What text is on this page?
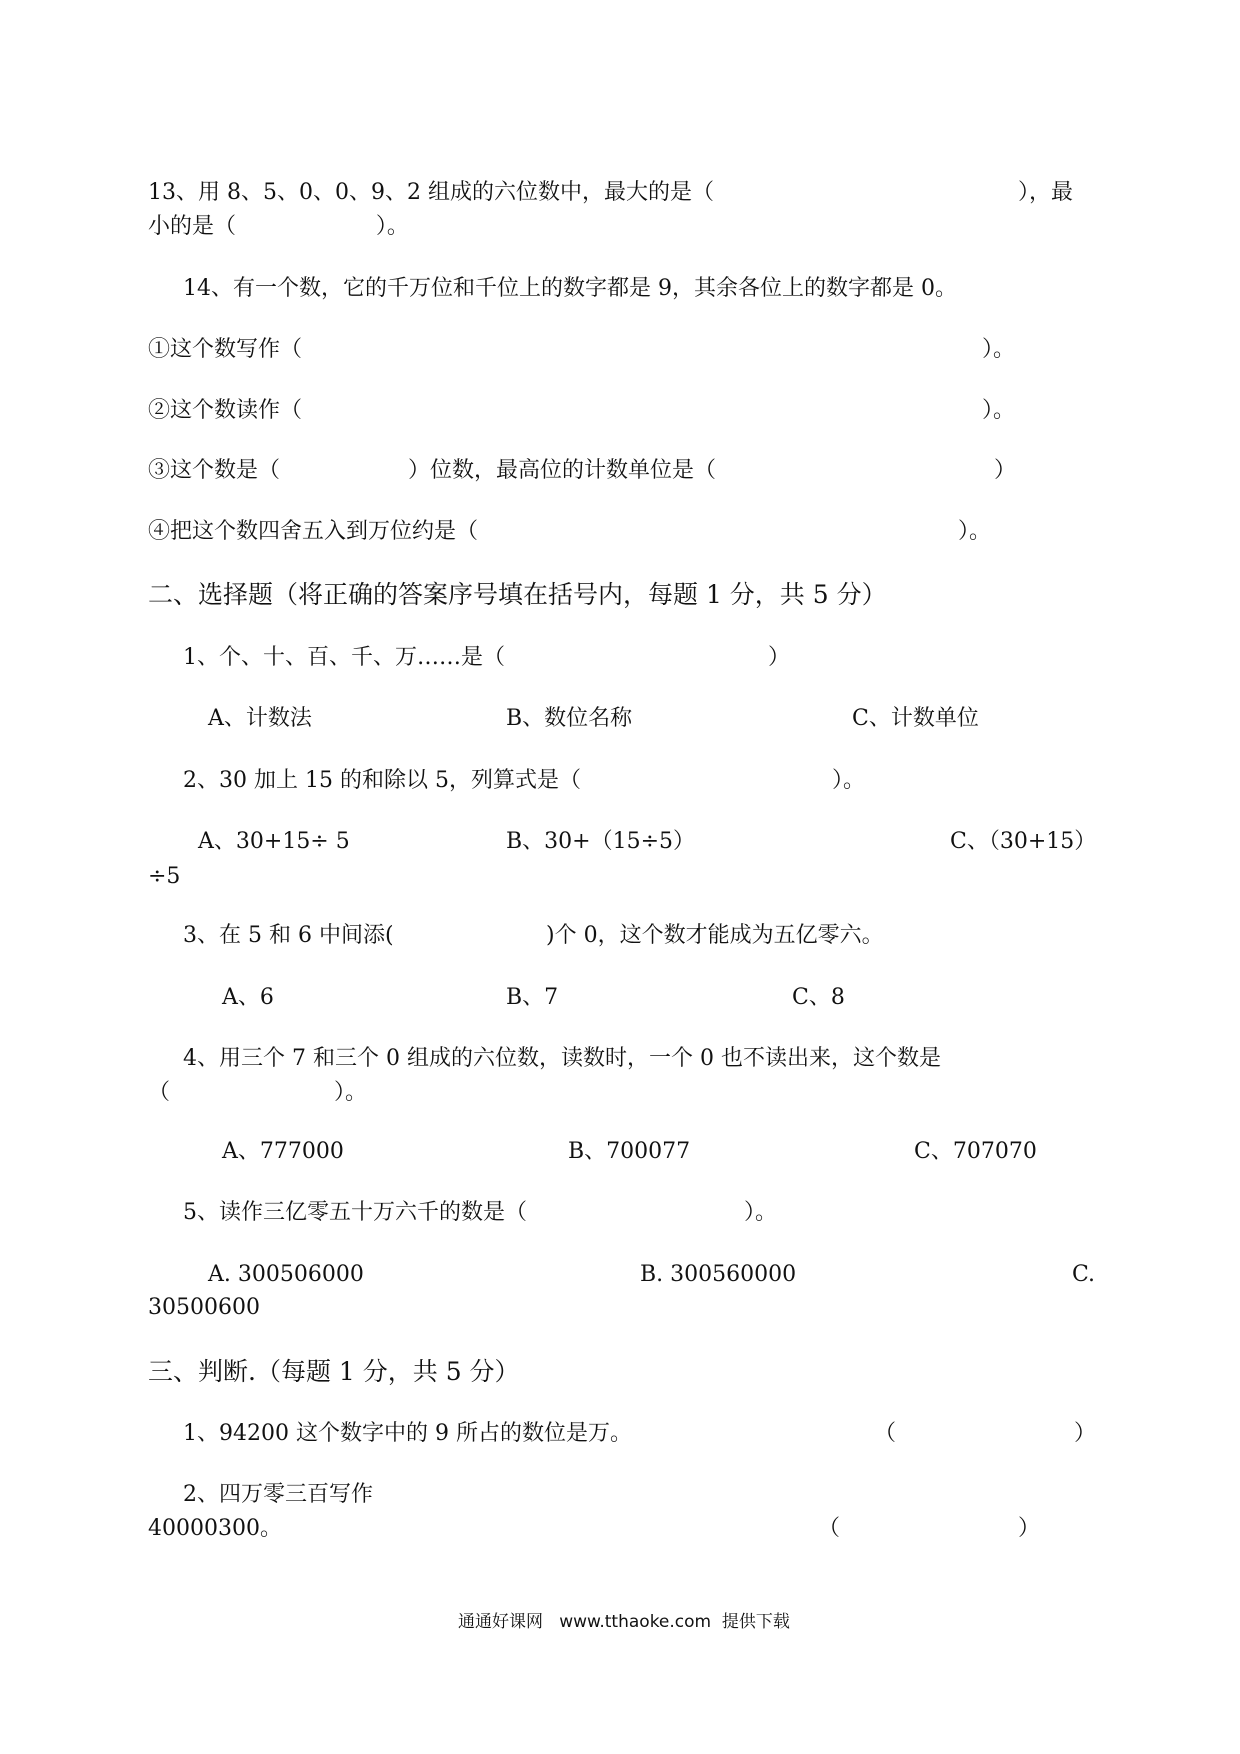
13、用 8、5、0、0、9、2 组成的六位数中，最大的是（	），最
小的是（                    ）。
14、有一个数，它的千万位和千位上的数字都是 9，其余各位上的数字都是 0。
①这个数写作（	）。
②这个数读作（	）。
③这个数是（	）位数，最高位的计数单位是（	）
④把这个数四舍五入到万位约是（	）。
二、选择题（将正确的答案序号填在括号内，每题 1 分，共 5 分）
1、个、十、百、千、万……是（	）
A、计数法	B、数位名称	C、计数单位
2、30 加上 15 的和除以 5，列算式是（	）。
A、30+15÷ 5	B、30+（15÷5）	C、（30+15）
÷5
3、在 5 和 6 中间添(	)个 0，这个数才能成为五亿零六。
A、6	B、7	C、8
4、用三个 7 和三个 0 组成的六位数，读数时，一个 0 也不读出来，这个数是
（	）。
A、777000	B、700077	C、707070
5、读作三亿零五十万六千的数是（	）。
A. 300506000	B. 300560000	C.
30500600
三、判断.（每题 1 分，共 5 分）
1、94200 这个数字中的 9 所占的数位是万。	（	）
2、四万零三百写作
40000300。	（	）
通通好课网   www.tthaoke.com  提供下载
